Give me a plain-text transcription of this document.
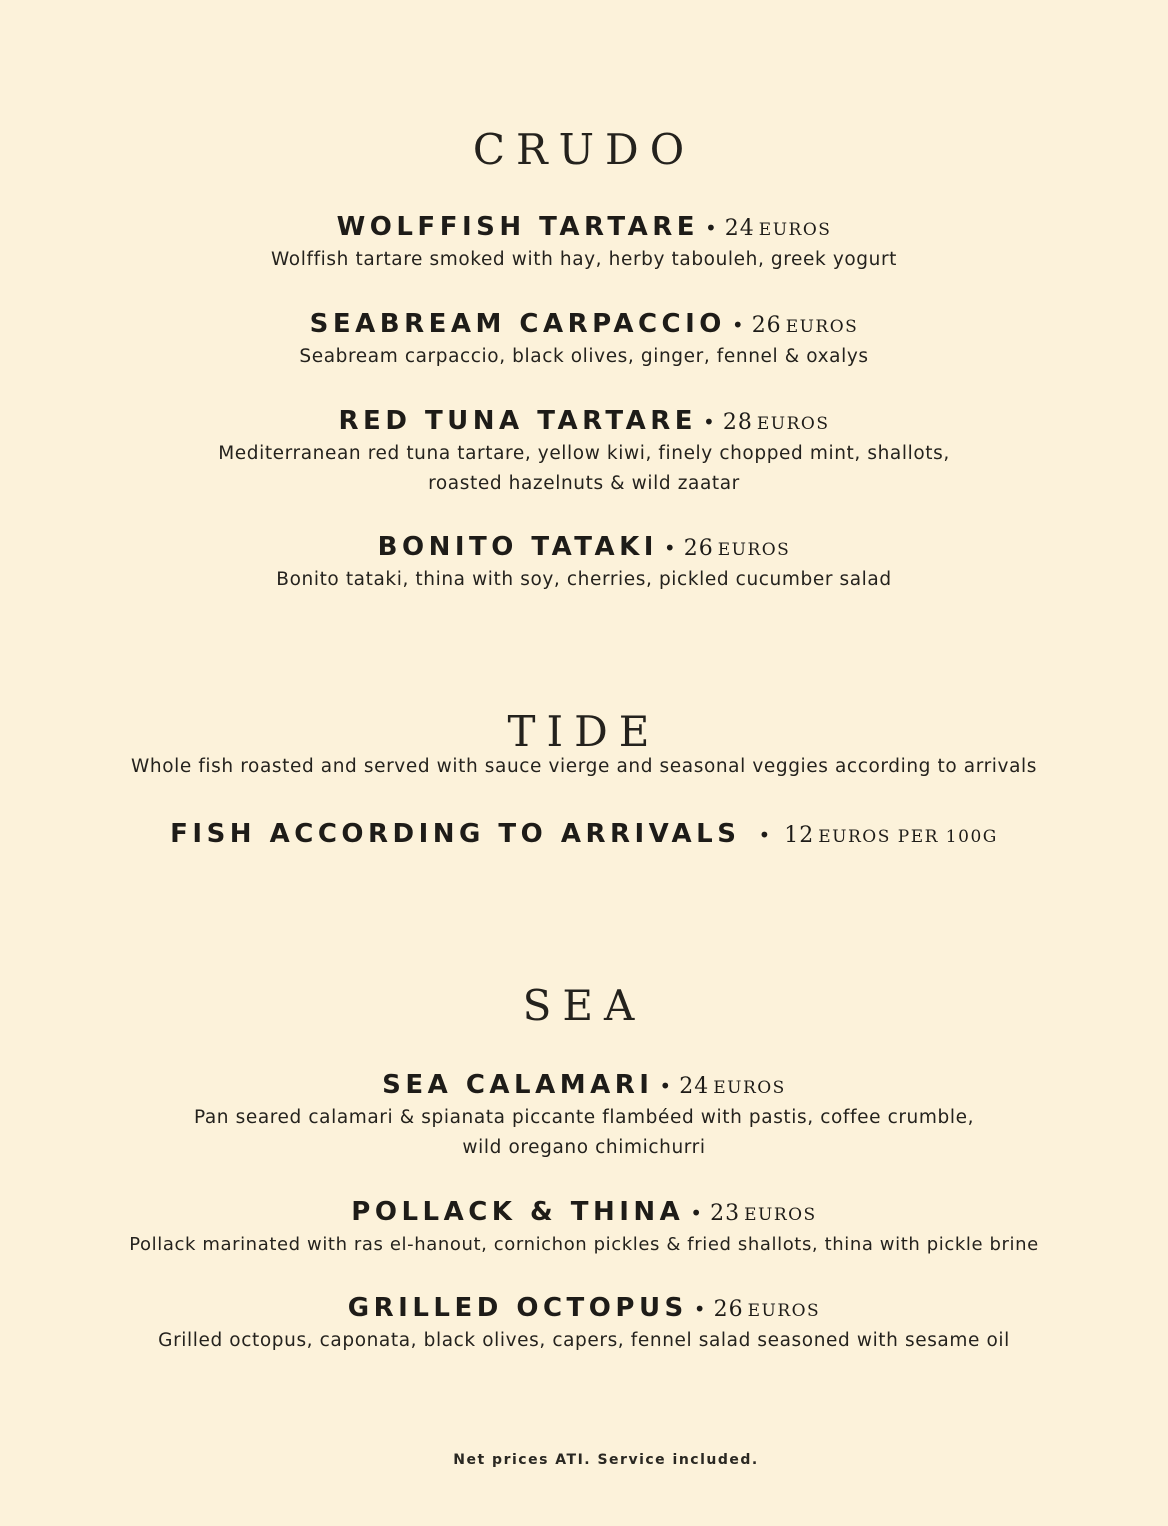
CRUDO
WOLFFISH TARTARE • 24 EUROS
Wolffish tartare smoked with hay, herby tabouleh, greek yogurt
SEABREAM CARPACCIO • 26 EUROS
Seabream carpaccio, black olives, ginger, fennel & oxalys
RED TUNA TARTARE • 28 EUROS
Mediterranean red tuna tartare, yellow kiwi, finely chopped mint, shallots,
roasted hazelnuts & wild zaatar
BONITO TATAKI • 26 EUROS
Bonito tataki, thina with soy, cherries, pickled cucumber salad
TIDE
Whole fish roasted and served with sauce vierge and seasonal veggies according to arrivals
FISH ACCORDING TO ARRIVALS • 12 EUROS PER 100G
SEA
SEA CALAMARI • 24 EUROS
Pan seared calamari & spianata piccante flambéed with pastis, coffee crumble,
wild oregano chimichurri
POLLACK & THINA • 23 EUROS
Pollack marinated with ras el-hanout, cornichon pickles & fried shallots, thina with pickle brine
GRILLED OCTOPUS • 26 EUROS
Grilled octopus, caponata, black olives, capers, fennel salad seasoned with sesame oil
Net prices ATI. Service included.
